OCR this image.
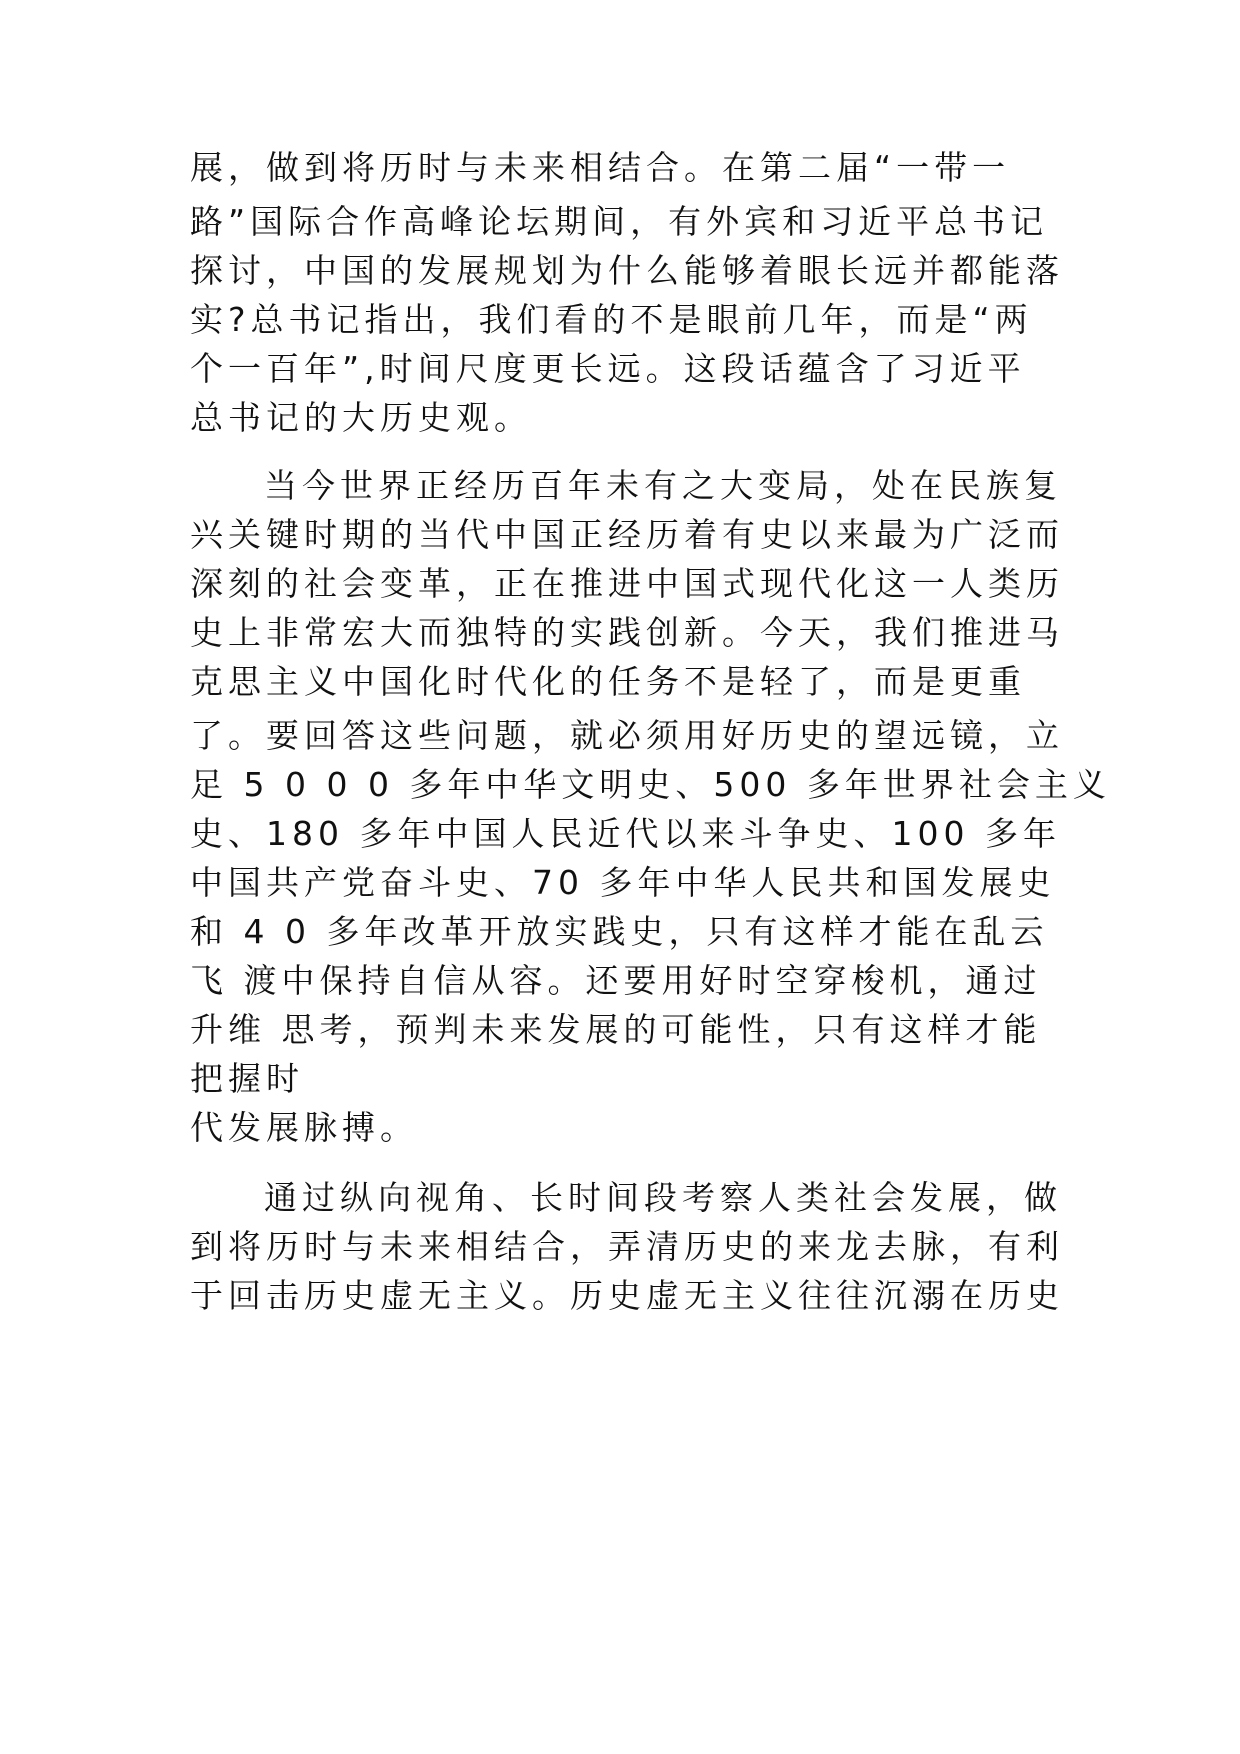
展，做到将历时与未来相结合。在第二届“一带一

路”国际合作高峰论坛期间，有外宾和习近平总书记

探讨，中国的发展规划为什么能够着眼长远并都能落

实?总书记指出，我们看的不是眼前几年，而是“两

个一百年”,时间尺度更长远。这段话蕴含了习近平

总书记的大历史观。

当今世界正经历百年未有之大变局，处在民族复

兴关键时期的当代中国正经历着有史以来最为广泛而

深刻的社会变革，正在推进中国式现代化这一人类历

史上非常宏大而独特的实践创新。今天，我们推进马

克思主义中国化时代化的任务不是轻了，而是更重

了。要回答这些问题，就必须用好历史的望远镜，立

足 5 0 0 0 多年中华文明史、500 多年世界社会主义

史、180 多年中国人民近代以来斗争史、100 多年

中国共产党奋斗史、70 多年中华人民共和国发展史

和 4 0 多年改革开放实践史，只有这样才能在乱云

飞 渡中保持自信从容。还要用好时空穿梭机，通过

升维 思考，预判未来发展的可能性，只有这样才能

把握时

代发展脉搏。

通过纵向视角、长时间段考察人类社会发展，做

到将历时与未来相结合，弄清历史的来龙去脉，有利

于回击历史虚无主义。历史虚无主义往往沉溺在历史
